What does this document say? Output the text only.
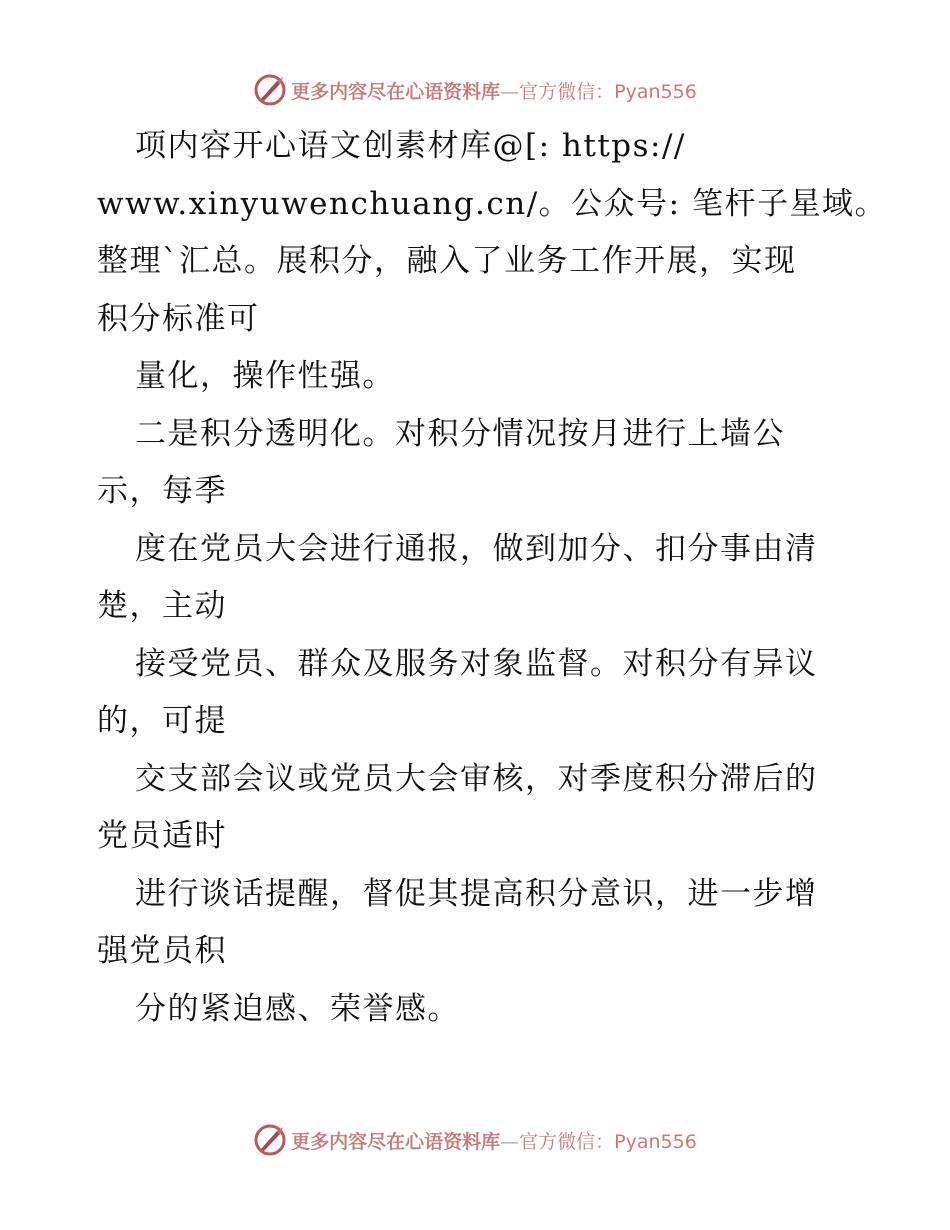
更多内容尽在心语资料库—官方微信：Pyan556
项内容开心语文创素材库@[: https://
www.xinyuwenchuang.cn/。公众号: 笔杆子星域。
整理`汇总。展积分，融入了业务工作开展，实现
积分标准可
量化，操作性强。
二是积分透明化。对积分情况按月进行上墙公
示，每季
度在党员大会进行通报，做到加分、扣分事由清
楚，主动
接受党员、群众及服务对象监督。对积分有异议
的，可提
交支部会议或党员大会审核，对季度积分滞后的
党员适时
进行谈话提醒，督促其提高积分意识，进一步增
强党员积
分的紧迫感、荣誉感。
更多内容尽在心语资料库—官方微信：Pyan556
